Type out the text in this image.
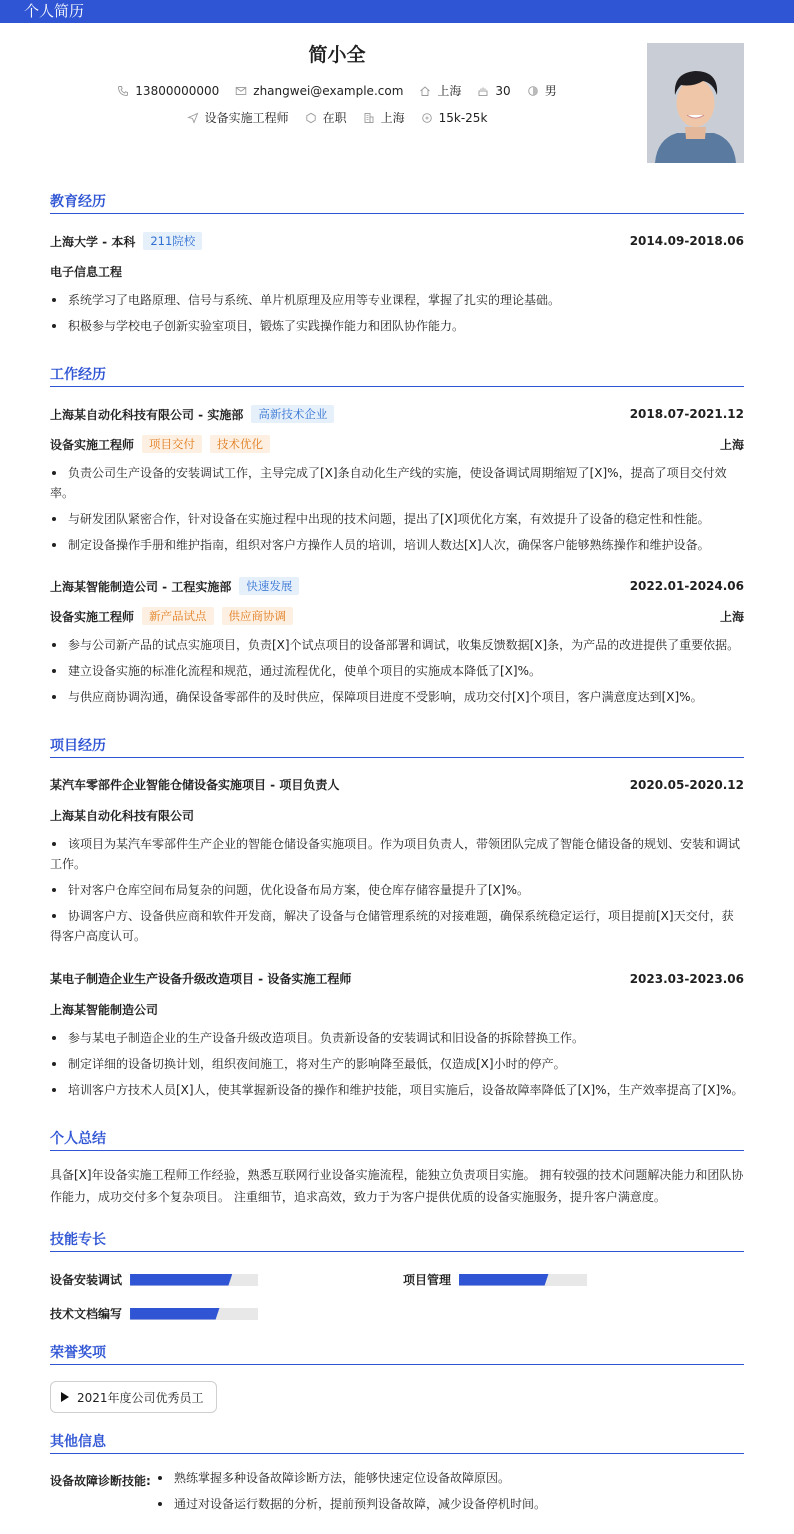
个人简历
简小全
13800000000	zhangwei@example.com	上海	30	男
设备实施工程师	在职	上海	15k-25k
教育经历
上海大学 - 本科	211院校	2014.09-2018.06
电子信息工程
系统学习了电路原理、信号与系统、单片机原理及应用等专业课程，掌握了扎实的理论基础。
积极参与学校电子创新实验室项目，锻炼了实践操作能力和团队协作能力。
工作经历
上海某自动化科技有限公司 - 实施部	高新技术企业	2018.07-2021.12
设备实施工程师	项目交付	技术优化	上海
负责公司生产设备的安装调试工作，主导完成了[X]条自动化生产线的实施，使设备调试周期缩短了[X]%，提高了项目交付效率。
与研发团队紧密合作，针对设备在实施过程中出现的技术问题，提出了[X]项优化方案，有效提升了设备的稳定性和性能。
制定设备操作手册和维护指南，组织对客户方操作人员的培训，培训人数达[X]人次，确保客户能够熟练操作和维护设备。
上海某智能制造公司 - 工程实施部	快速发展	2022.01-2024.06
设备实施工程师	新产品试点	供应商协调	上海
参与公司新产品的试点实施项目，负责[X]个试点项目的设备部署和调试，收集反馈数据[X]条，为产品的改进提供了重要依据。
建立设备实施的标准化流程和规范，通过流程优化，使单个项目的实施成本降低了[X]%。
与供应商协调沟通，确保设备零部件的及时供应，保障项目进度不受影响，成功交付[X]个项目，客户满意度达到[X]%。
项目经历
某汽车零部件企业智能仓储设备实施项目 - 项目负责人	2020.05-2020.12
上海某自动化科技有限公司
该项目为某汽车零部件生产企业的智能仓储设备实施项目。作为项目负责人，带领团队完成了智能仓储设备的规划、安装和调试工作。
针对客户仓库空间布局复杂的问题，优化设备布局方案，使仓库存储容量提升了[X]%。
协调客户方、设备供应商和软件开发商，解决了设备与仓储管理系统的对接难题，确保系统稳定运行，项目提前[X]天交付，获得客户高度认可。
某电子制造企业生产设备升级改造项目 - 设备实施工程师	2023.03-2023.06
上海某智能制造公司
参与某电子制造企业的生产设备升级改造项目。负责新设备的安装调试和旧设备的拆除替换工作。
制定详细的设备切换计划，组织夜间施工，将对生产的影响降至最低，仅造成[X]小时的停产。
培训客户方技术人员[X]人，使其掌握新设备的操作和维护技能，项目实施后，设备故障率降低了[X]%，生产效率提高了[X]%。
个人总结
具备[X]年设备实施工程师工作经验，熟悉互联网行业设备实施流程，能独立负责项目实施。 拥有较强的技术问题解决能力和团队协作能力，成功交付多个复杂项目。 注重细节，追求高效，致力于为客户提供优质的设备实施服务，提升客户满意度。
技能专长
设备安装调试	项目管理
技术文档编写
荣誉奖项
2021年度公司优秀员工
其他信息
设备故障诊断技能:	熟练掌握多种设备故障诊断方法，能够快速定位设备故障原因。
通过对设备运行数据的分析，提前预判设备故障，减少设备停机时间。
